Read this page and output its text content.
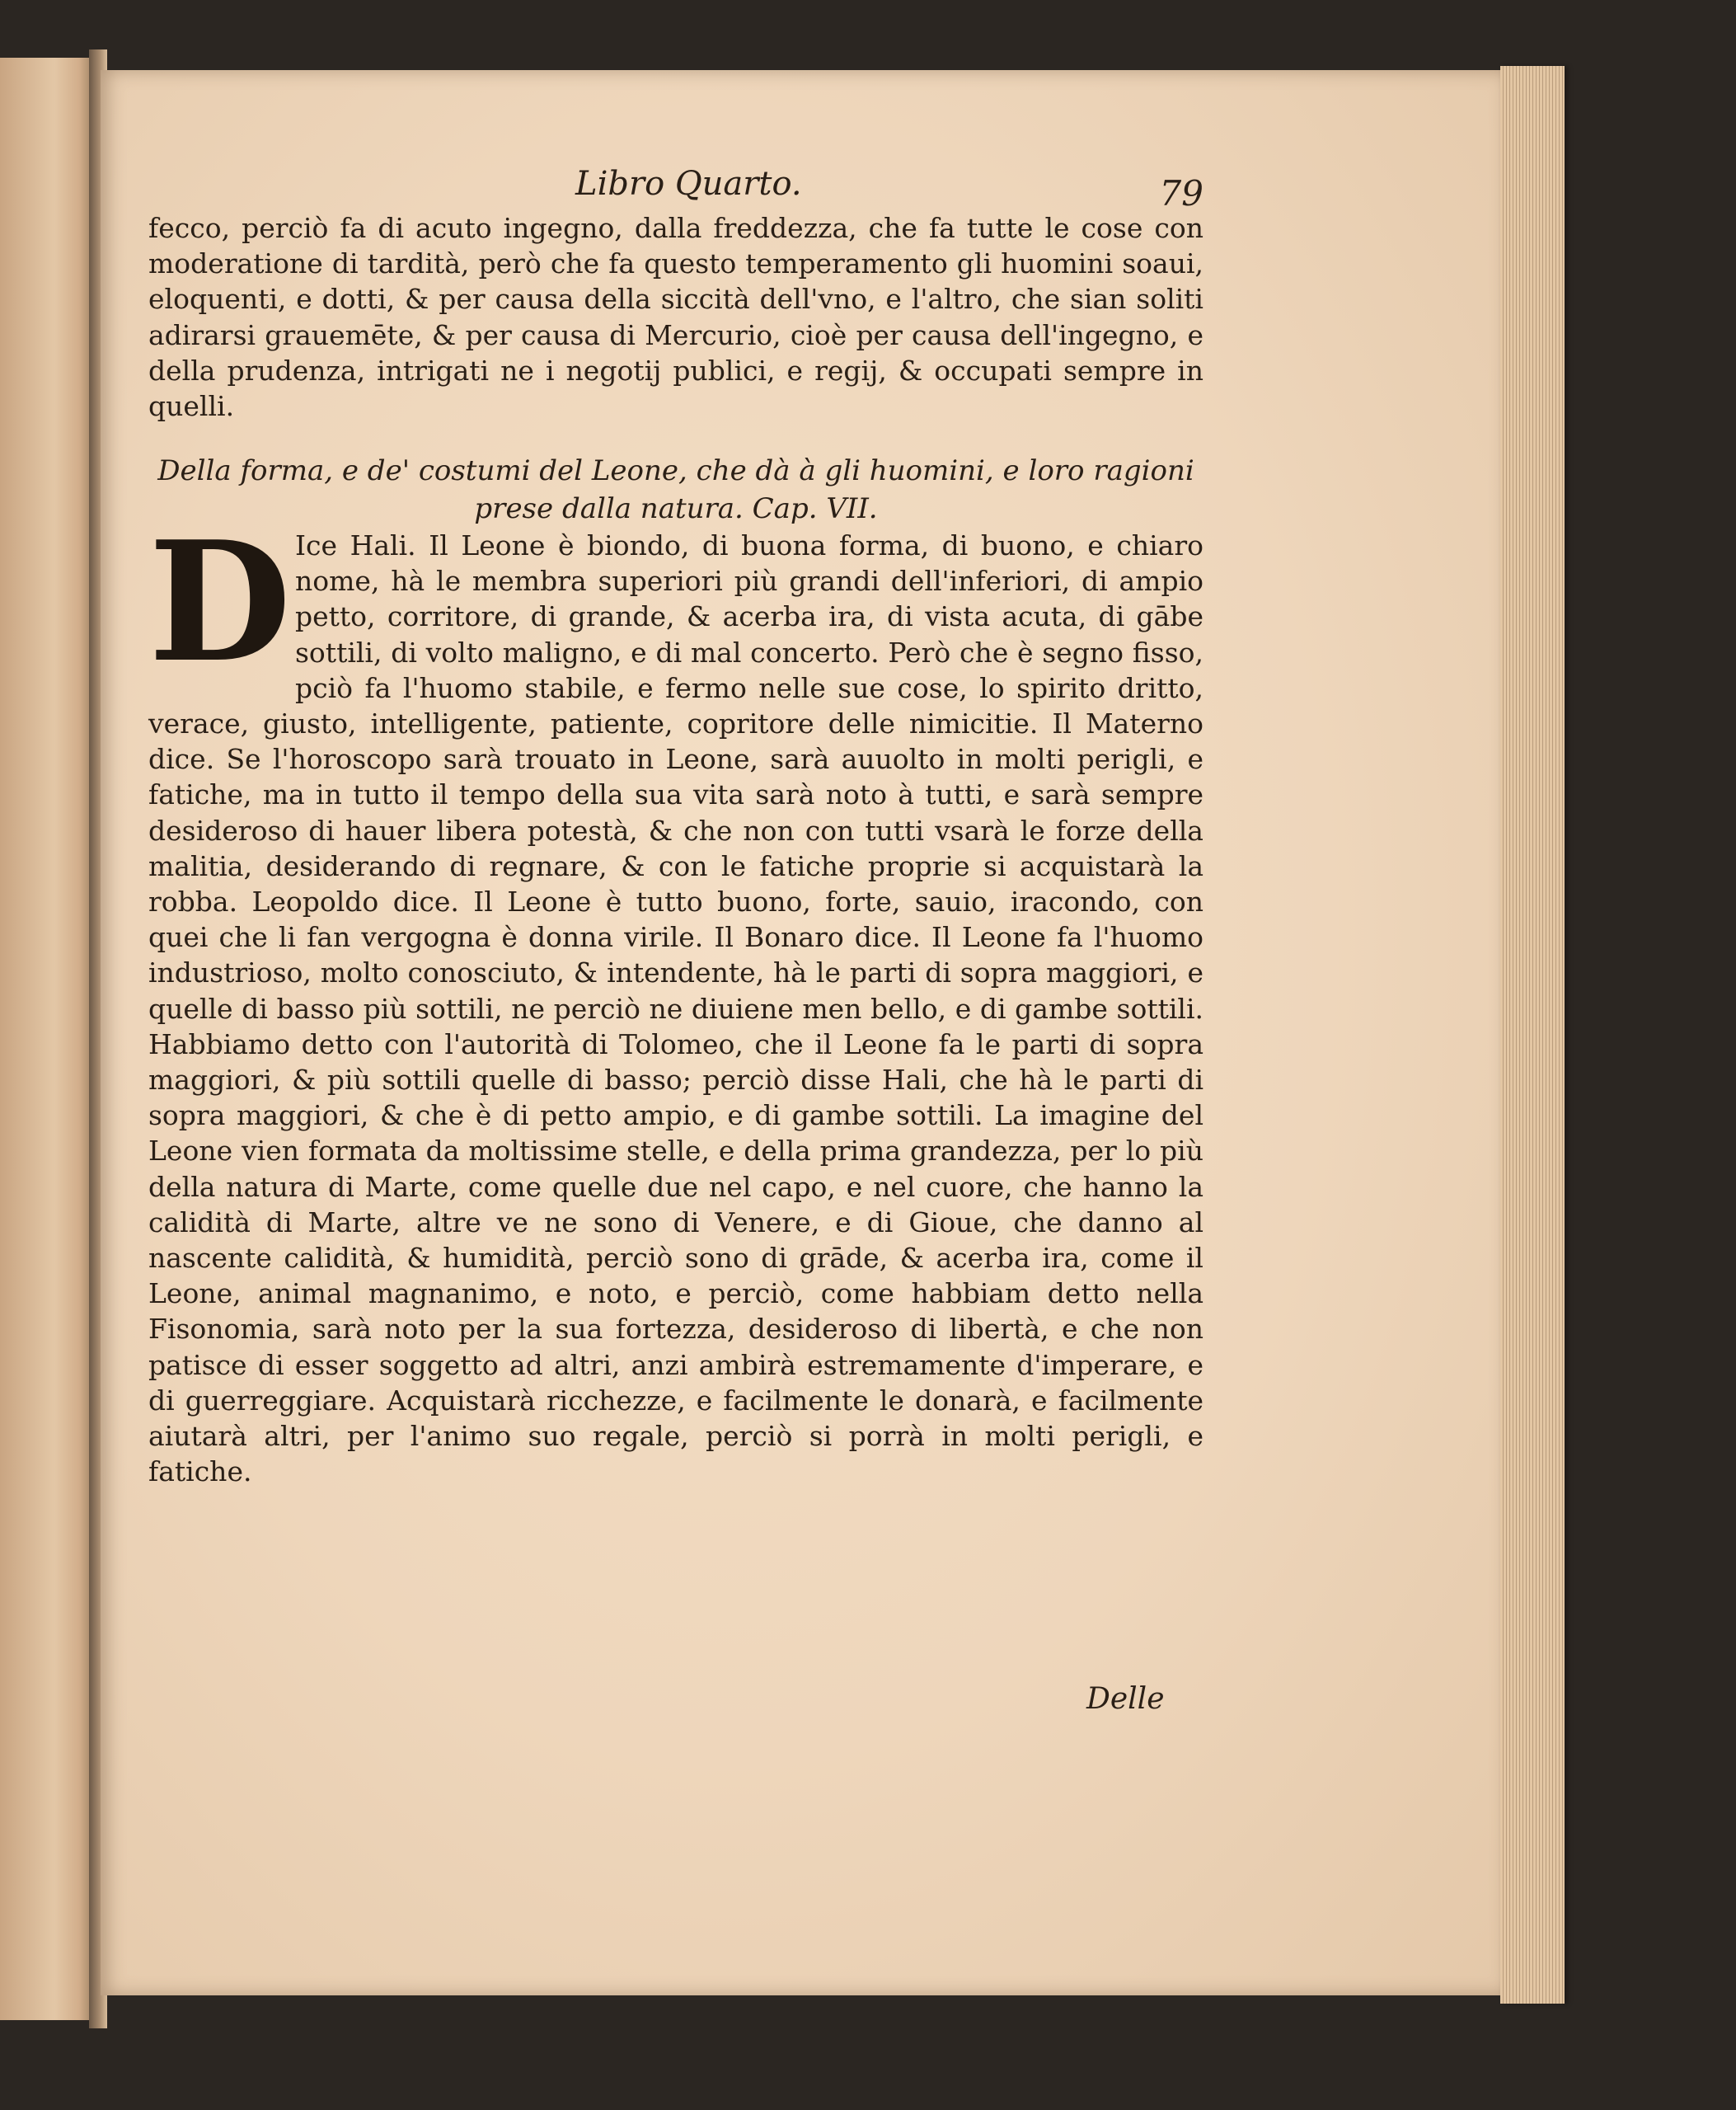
Libro Quarto.	79
fecco, perciò fa di acuto ingegno, dalla freddezza, che fa tutte le cose con moderatione di tardità, però che fa questo temperamento gli huomini soaui, eloquenti, e dotti, & per causa della siccità dell'vno, e l'altro, che sian soliti adirarsi grauemēte, & per causa di Mercurio, cioè per causa dell'ingegno, e della prudenza, intrigati ne i negotij publici, e regij, & occupati sempre in quelli.
Della forma, e de' costumi del Leone, che dà à gli huomini, e loro ragioni
prese dalla natura. Cap. VII.
D Ice Hali. Il Leone è biondo, di buona forma, di buono, e chiaro nome, hà le membra superiori più grandi dell'inferiori, di ampio petto, corritore, di grande, & acerba ira, di vista acuta, di gābe sottili, di volto maligno, e di mal concerto. Però che è segno fisso, pciò fa l'huomo stabile, e fermo nelle sue cose, lo spirito dritto, verace, giusto, intelligente, patiente, copritore delle nimicitie. Il Materno dice. Se l'horoscopo sarà trouato in Leone, sarà auuolto in molti perigli, e fatiche, ma in tutto il tempo della sua vita sarà noto à tutti, e sarà sempre desideroso di hauer libera potestà, & che non con tutti vsarà le forze della malitia, desiderando di regnare, & con le fatiche proprie si acquistarà la robba. Leopoldo dice. Il Leone è tutto buono, forte, sauio, iracondo, con quei che li fan vergogna è donna virile. Il Bonaro dice. Il Leone fa l'huomo industrioso, molto conosciuto, & intendente, hà le parti di sopra maggiori, e quelle di basso più sottili, ne perciò ne diuiene men bello, e di gambe sottili. Habbiamo detto con l'autorità di Tolomeo, che il Leone fa le parti di sopra maggiori, & più sottili quelle di basso; perciò disse Hali, che hà le parti di sopra maggiori, & che è di petto ampio, e di gambe sottili. La imagine del Leone vien formata da moltissime stelle, e della prima grandezza, per lo più della natura di Marte, come quelle due nel capo, e nel cuore, che hanno la calidità di Marte, altre ve ne sono di Venere, e di Gioue, che danno al nascente calidità, & humidità, perciò sono di grāde, & acerba ira, come il Leone, animal magnanimo, e noto, e perciò, come habbiam detto nella Fisonomia, sarà noto per la sua fortezza, desideroso di libertà, e che non patisce di esser soggetto ad altri, anzi ambirà estremamente d'imperare, e di guerreggiare. Acquistarà ricchezze, e facilmente le donarà, e facilmente aiutarà altri, per l'animo suo regale, perciò si porrà in molti perigli, e fatiche.
Delle
